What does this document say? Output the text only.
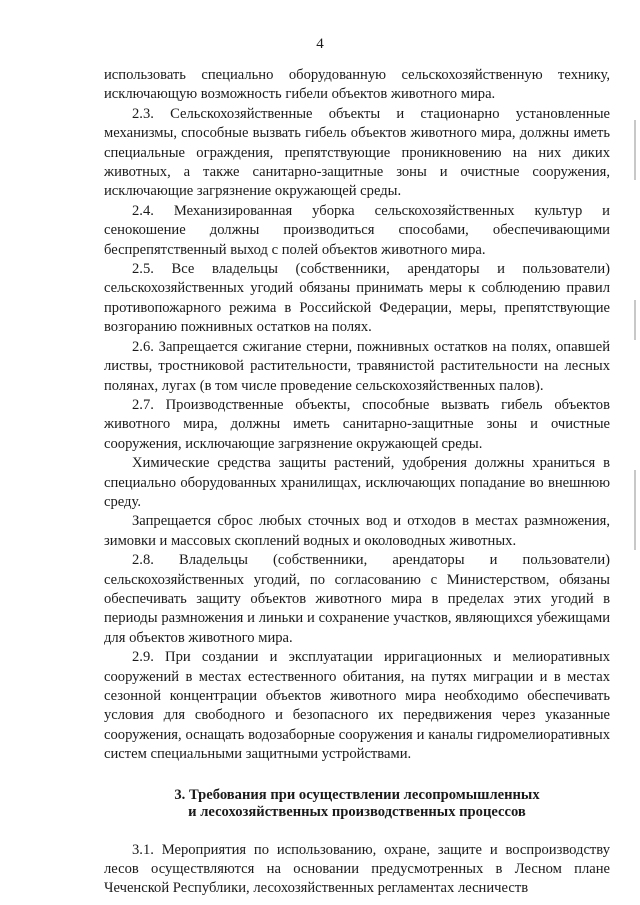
4

использовать специально оборудованную сельскохозяйственную технику, исключающую возможность гибели объектов животного мира.

2.3. Сельскохозяйственные объекты и стационарно установленные механизмы, способные вызвать гибель объектов животного мира, должны иметь специальные ограждения, препятствующие проникновению на них диких животных, а также санитарно-защитные зоны и очистные сооружения, исключающие загрязнение окружающей среды.

2.4. Механизированная уборка сельскохозяйственных культур и сенокошение должны производиться способами, обеспечивающими беспрепятственный выход с полей объектов животного мира.

2.5. Все владельцы (собственники, арендаторы и пользователи) сельскохозяйственных угодий обязаны принимать меры к соблюдению правил противопожарного режима в Российской Федерации, меры, препятствующие возгоранию пожнивных остатков на полях.

2.6. Запрещается сжигание стерни, пожнивных остатков на полях, опавшей листвы, тростниковой растительности, травянистой растительности на лесных полянах, лугах (в том числе проведение сельскохозяйственных палов).

2.7. Производственные объекты, способные вызвать гибель объектов животного мира, должны иметь санитарно-защитные зоны и очистные сооружения, исключающие загрязнение окружающей среды.

Химические средства защиты растений, удобрения должны храниться в специально оборудованных хранилищах, исключающих попадание во внешнюю среду.

Запрещается сброс любых сточных вод и отходов в местах размножения, зимовки и массовых скоплений водных и околоводных животных.

2.8. Владельцы (собственники, арендаторы и пользователи) сельскохозяйственных угодий, по согласованию с Министерством, обязаны обеспечивать защиту объектов животного мира в пределах этих угодий в периоды размножения и линьки и сохранение участков, являющихся убежищами для объектов животного мира.

2.9. При создании и эксплуатации ирригационных и мелиоративных сооружений в местах естественного обитания, на путях миграции и в местах сезонной концентрации объектов животного мира необходимо обеспечивать условия для свободного и безопасного их передвижения через указанные сооружения, оснащать водозаборные сооружения и каналы гидромелиоративных систем специальными защитными устройствами.

3. Требования при осуществлении лесопромышленных
и лесохозяйственных производственных процессов

3.1. Мероприятия по использованию, охране, защите и воспроизводству лесов осуществляются на основании предусмотренных в Лесном плане Чеченской Республики, лесохозяйственных регламентах лесничеств
